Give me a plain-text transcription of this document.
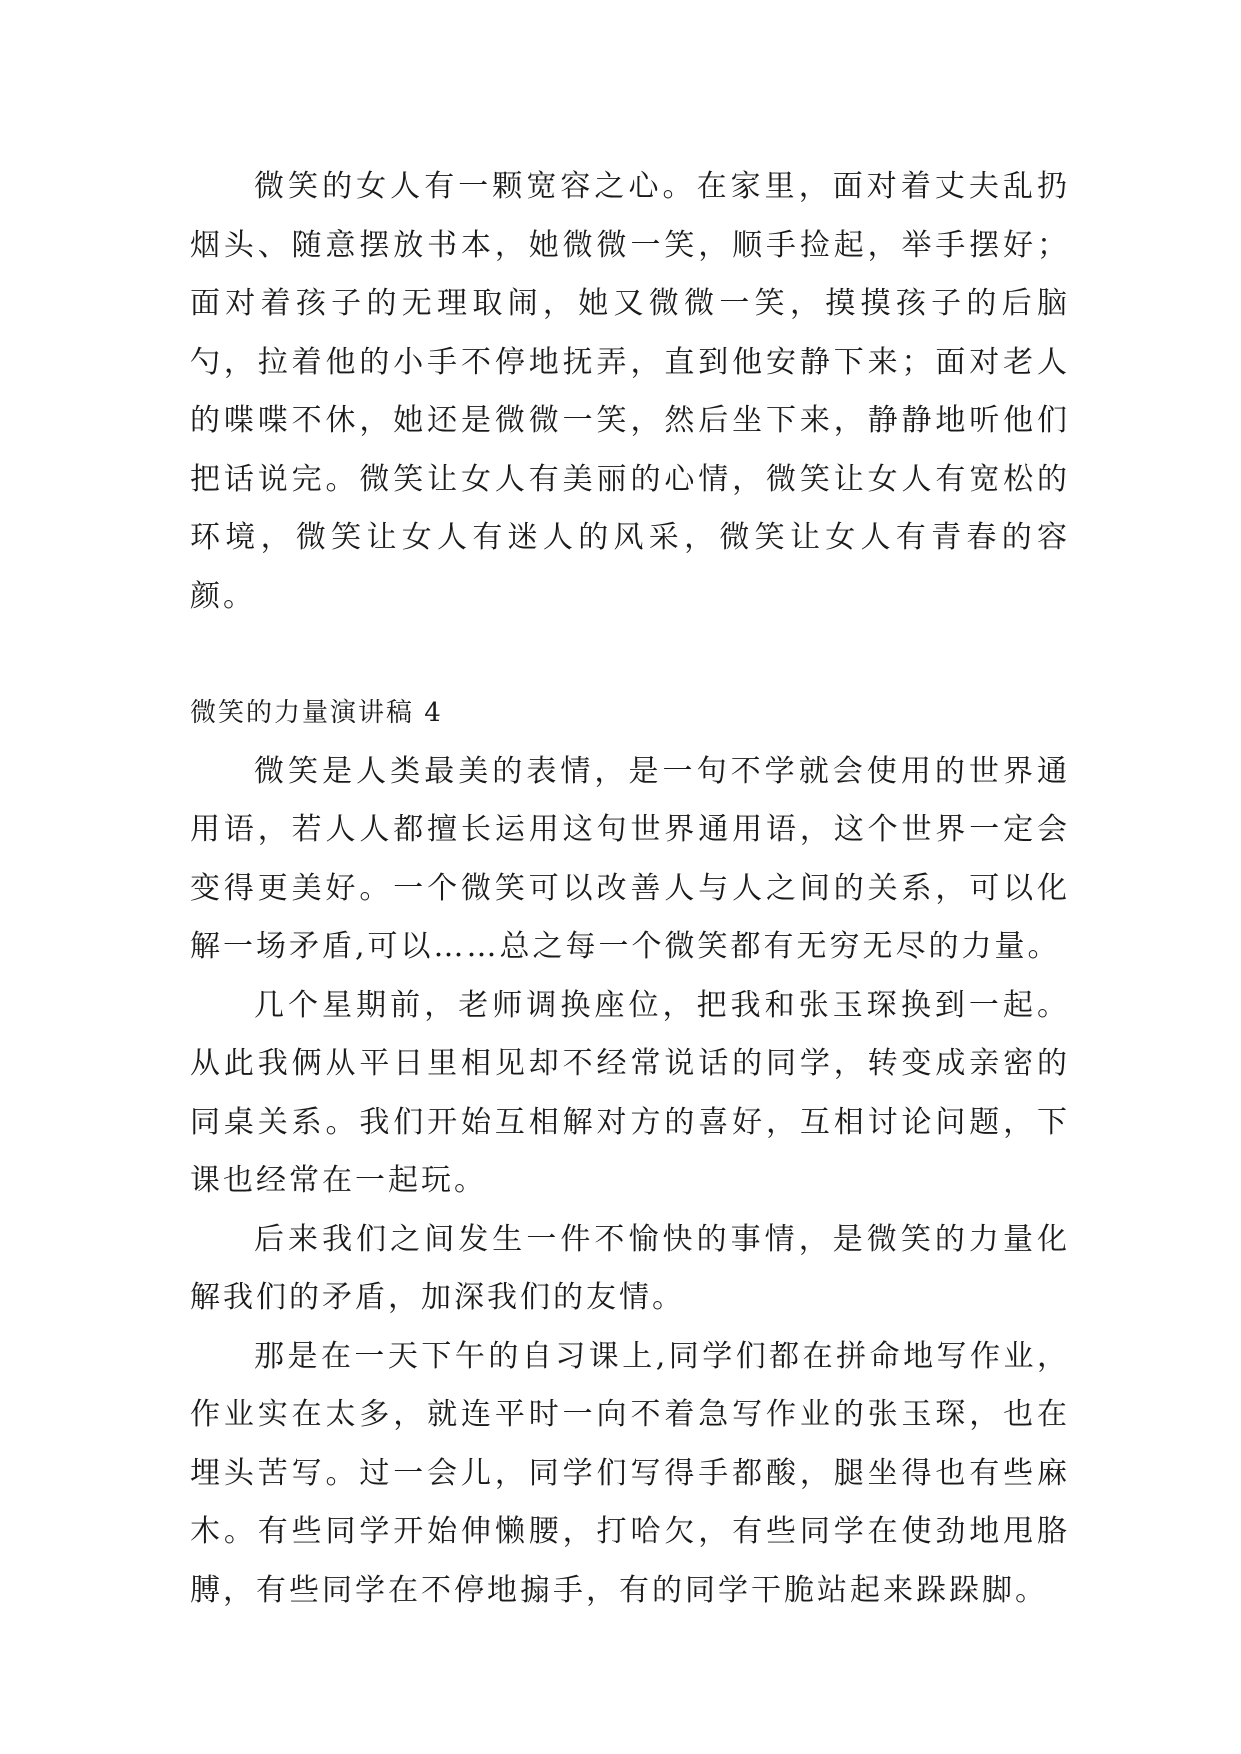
微笑的女人有一颗宽容之心。在家里，面对着丈夫乱扔烟头、随意摆放书本，她微微一笑，顺手捡起，举手摆好；面对着孩子的无理取闹，她又微微一笑，摸摸孩子的后脑勺，拉着他的小手不停地抚弄，直到他安静下来；面对老人的喋喋不休，她还是微微一笑，然后坐下来，静静地听他们把话说完。微笑让女人有美丽的心情，微笑让女人有宽松的环境，微笑让女人有迷人的风采，微笑让女人有青春的容颜。

微笑的力量演讲稿 4

微笑是人类最美的表情，是一句不学就会使用的世界通用语，若人人都擅长运用这句世界通用语，这个世界一定会变得更美好。一个微笑可以改善人与人之间的关系，可以化解一场矛盾,可以……总之每一个微笑都有无穷无尽的力量。

几个星期前，老师调换座位，把我和张玉琛换到一起。从此我俩从平日里相见却不经常说话的同学，转变成亲密的同桌关系。我们开始互相解对方的喜好，互相讨论问题，下课也经常在一起玩。

后来我们之间发生一件不愉快的事情，是微笑的力量化解我们的矛盾，加深我们的友情。

那是在一天下午的自习课上,同学们都在拼命地写作业，作业实在太多，就连平时一向不着急写作业的张玉琛，也在埋头苦写。过一会儿，同学们写得手都酸，腿坐得也有些麻木。有些同学开始伸懒腰，打哈欠，有些同学在使劲地甩胳膊，有些同学在不停地搧手，有的同学干脆站起来跺跺脚。
